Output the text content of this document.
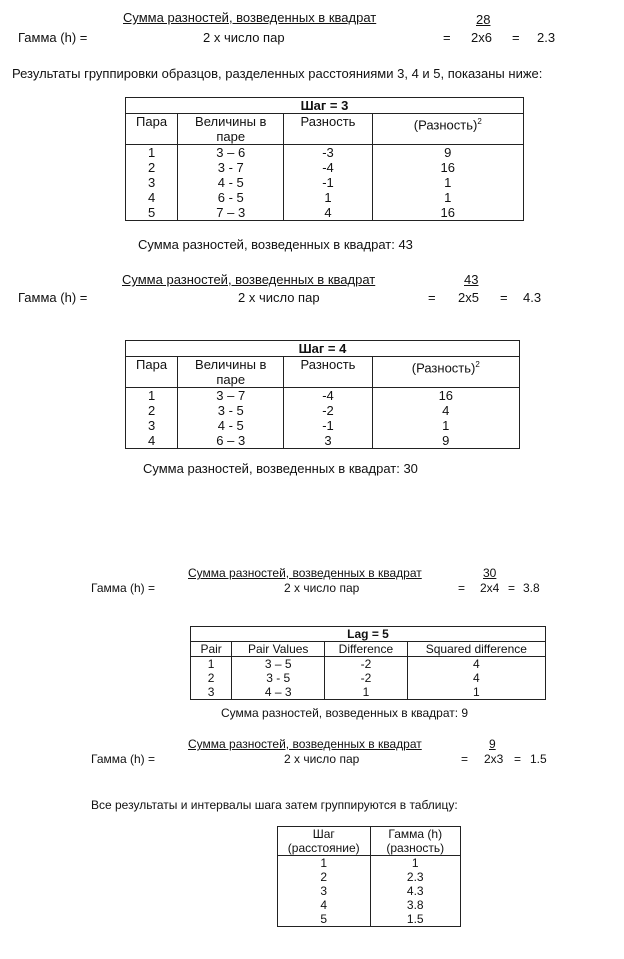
Сумма разностей, возведенных в квадрат
Гамма (h) =	2 x число пар	=
28
2x6 = 2.3
Результаты группировки образцов, разделенных расстояниями 3, 4 и 5, показаны ниже:
Шаг = 3			
Пара	Величины в паре	Разность	(Разность)$^2$
1	3 – 6	-3	9
2	3 - 7	-4	16
3	4 - 5	-1	1
4	6 - 5	1	1
5	7 – 3	4	16
Сумма разностей, возведенных в квадрат: 43
Сумма разностей, возведенных в квадрат
Гамма (h) =	2 x число пар	=
43
2x5 = 4.3
Шаг = 4			
Пара	Величины в паре	Разность	(Разность)$^2$
1	3 – 7	-4	16
2	3 - 5	-2	4
3	4 - 5	-1	1
4	6 – 3	3	9
Сумма разностей, возведенных в квадрат: 30
Сумма разностей, возведенных в квадрат
Гамма (h) =	2 x число пар	=
30
2x4 = 3.8
Lag = 5			
Pair	Pair Values	Difference	Squared difference
1	3 – 5	-2	4
2	3 - 5	-2	4
3	4 – 3	1	1
Сумма разностей, возведенных в квадрат: 9
Сумма разностей, возведенных в квадрат
Гамма (h) =	2 x число пар	=
9
2x3 = 1.5
Все результаты и интервалы шага затем группируются в таблицу:
Шаг (расстояние)	Гамма (h) (разность)
1	1
2	2.3
3	4.3
4	3.8
5	1.5
